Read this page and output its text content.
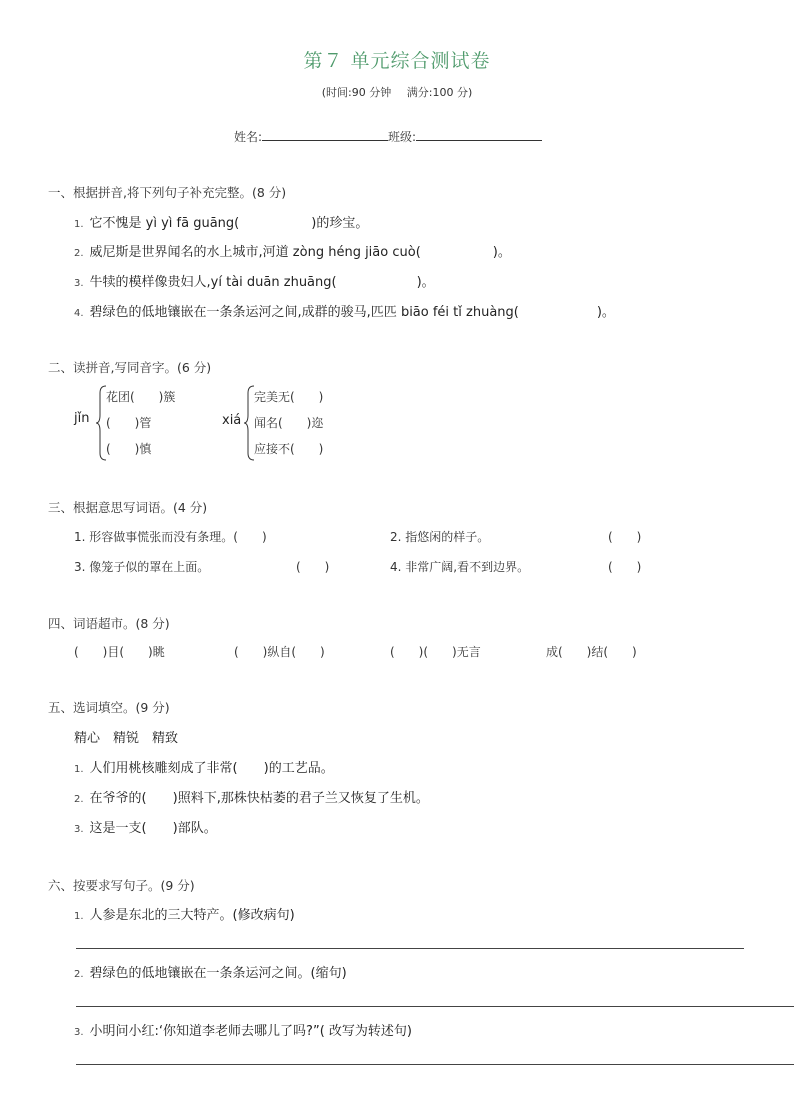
第７ 单元综合测试卷
(时间:90 分钟 满分:100 分)
姓名:	班级:
一、根据拼音,将下列句子补充完整。(8 分)
1. 它不愧是 yì yì fā guāng(	)的珍宝。
2. 威尼斯是世界闻名的水上城市,河道 zòng héng jiāo cuò(	)。
3. 牛犊的模样像贵妇人,yí tài duān zhuāng(	)。
4. 碧绿色的低地镶嵌在一条条运河之间,成群的骏马,匹匹 biāo féi tǐ zhuàng(	)。
二、读拼音,写同音字。(6 分)
jǐn
花团(　　)簇
(　　)管
(　　)慎
xiá
完美无(　　)
闻名(　　)迩
应接不(　　)
三、根据意思写词语。(4 分)
1. 形容做事慌张而没有条理。(　　)	2. 指悠闲的样子。	(　　)
3. 像笼子似的罩在上面。	(　　)	4. 非常广阔,看不到边界。	(　　)
四、词语超市。(8 分)
(　　)目(　　)眺	(　　)纵自(　　)	(　　)(　　)无言	成(　　)结(　　)
五、选词填空。(9 分)
精心　精锐　精致
1. 人们用桃核雕刻成了非常(　　)的工艺品。
2. 在爷爷的(　　)照料下,那株快枯萎的君子兰又恢复了生机。
3. 这是一支(　　)部队。
六、按要求写句子。(9 分)
1. 人参是东北的三大特产。(修改病句)
2. 碧绿色的低地镶嵌在一条条运河之间。(缩句)
3. 小明问小红:‘你知道李老师去哪儿了吗?”( 改写为转述句)
